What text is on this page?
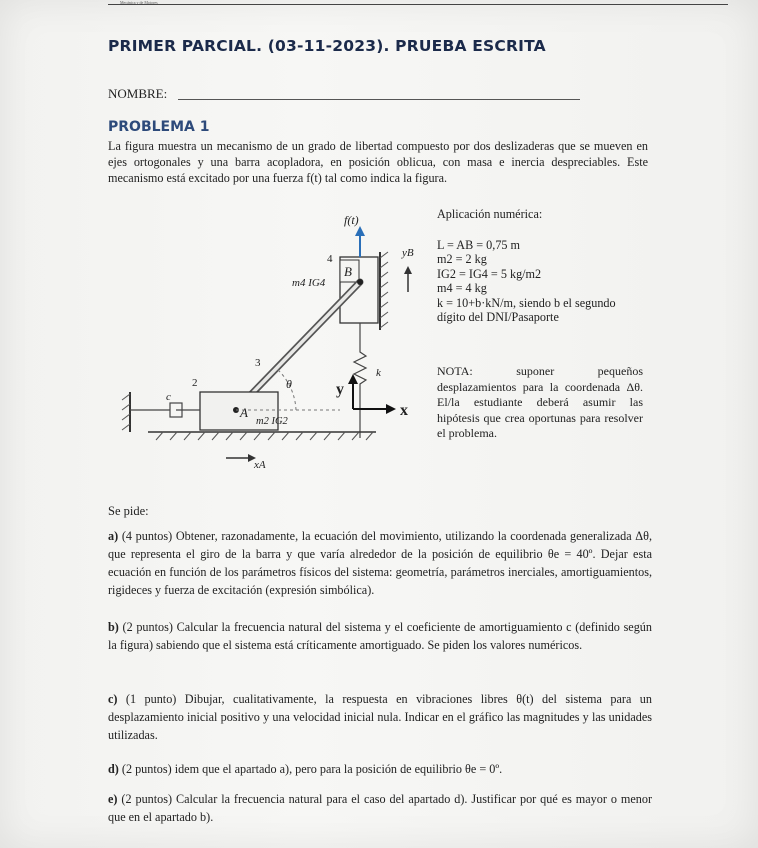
Mecánica y de Motores
PRIMER PARCIAL. (03-11-2023). PRUEBA ESCRITA
NOMBRE:
PROBLEMA 1
La figura muestra un mecanismo de un grado de libertad compuesto por dos deslizaderas que se mueven en ejes ortogonales y una barra acopladora, en posición oblicua, con masa e inercia despreciables. Este mecanismo está excitado por una fuerza f(t) tal como indica la figura.
f(t)
yB
4
m4 IG4
B
k
3
A
m2 IG2
θ
c
2
xA
y
x
Aplicación numérica:
L = AB = 0,75 m
m2 = 2 kg
IG2 = IG4 = 5 kg/m2
m4 = 4 kg
k = 10+b·kN/m, siendo b el segundo dígito del DNI/Pasaporte
NOTA: suponer pequeños desplazamientos para la coordenada Δθ. El/la estudiante deberá asumir las hipótesis que crea oportunas para resolver el problema.
Se pide:
a) (4 puntos) Obtener, razonadamente, la ecuación del movimiento, utilizando la coordenada generalizada Δθ, que representa el giro de la barra y que varía alrededor de la posición de equilibrio θe = 40º. Dejar esta ecuación en función de los parámetros físicos del sistema: geometría, parámetros inerciales, amortiguamientos, rigideces y fuerza de excitación (expresión simbólica).
b) (2 puntos) Calcular la frecuencia natural del sistema y el coeficiente de amortiguamiento c (definido según la figura) sabiendo que el sistema está críticamente amortiguado. Se piden los valores numéricos.
c) (1 punto) Dibujar, cualitativamente, la respuesta en vibraciones libres θ(t) del sistema para un desplazamiento inicial positivo y una velocidad inicial nula. Indicar en el gráfico las magnitudes y las unidades utilizadas.
d) (2 puntos) idem que el apartado a), pero para la posición de equilibrio θe = 0º.
e) (2 puntos) Calcular la frecuencia natural para el caso del apartado d). Justificar por qué es mayor o menor que en el apartado b).
